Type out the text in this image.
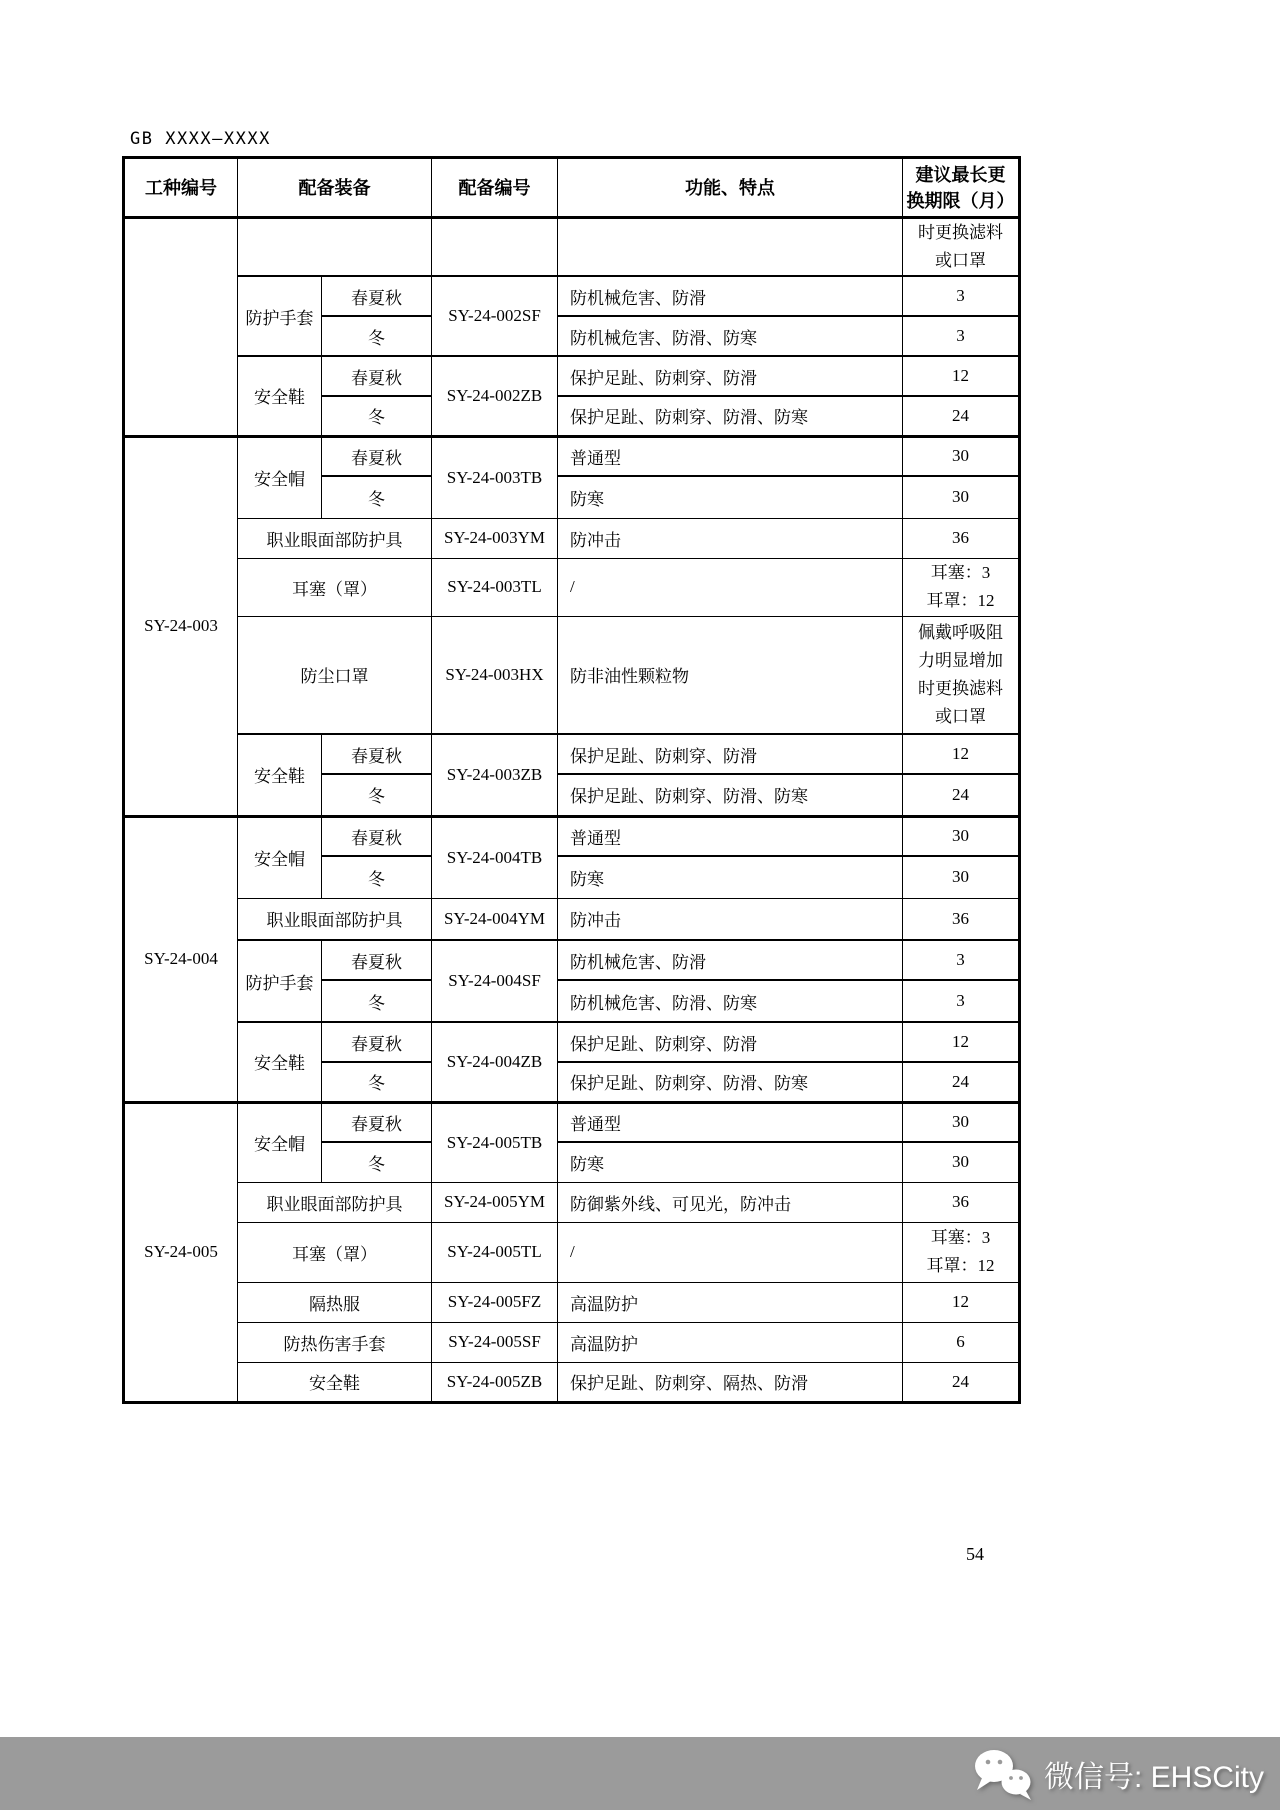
GB XXXX—XXXX
工种编号	配备装备		配备编号	功能、特点	建议最长更
换期限（月）

					时更换滤料
或口罩

	防护手套	春夏秋	SY-24-002SF	防机械危害、防滑	3
		冬		防机械危害、防滑、防寒	3
	安全鞋	春夏秋	SY-24-002ZB	保护足趾、防刺穿、防滑	12
		冬		保护足趾、防刺穿、防滑、防寒	24
SY-24-003	安全帽	春夏秋	SY-24-003TB	普通型	30
		冬		防寒	30
	职业眼面部防护具		SY-24-003YM	防冲击	36
	耳塞（罩）		SY-24-003TL	/	耳塞：3
耳罩：12

	防尘口罩		SY-24-003HX	防非油性颗粒物	佩戴呼吸阻
力明显增加
时更换滤料
或口罩

	安全鞋	春夏秋	SY-24-003ZB	保护足趾、防刺穿、防滑	12
		冬		保护足趾、防刺穿、防滑、防寒	24
SY-24-004	安全帽	春夏秋	SY-24-004TB	普通型	30
		冬		防寒	30
	职业眼面部防护具		SY-24-004YM	防冲击	36
	防护手套	春夏秋	SY-24-004SF	防机械危害、防滑	3
		冬		防机械危害、防滑、防寒	3
	安全鞋	春夏秋	SY-24-004ZB	保护足趾、防刺穿、防滑	12
		冬		保护足趾、防刺穿、防滑、防寒	24
SY-24-005	安全帽	春夏秋	SY-24-005TB	普通型	30
		冬		防寒	30
	职业眼面部防护具		SY-24-005YM	防御紫外线、可见光，防冲击	36
	耳塞（罩）		SY-24-005TL	/	耳塞：3
耳罩：12

	隔热服		SY-24-005FZ	高温防护	12
	防热伤害手套		SY-24-005SF	高温防护	6
	安全鞋		SY-24-005ZB	保护足趾、防刺穿、隔热、防滑	24
54
微信号: EHSCity
